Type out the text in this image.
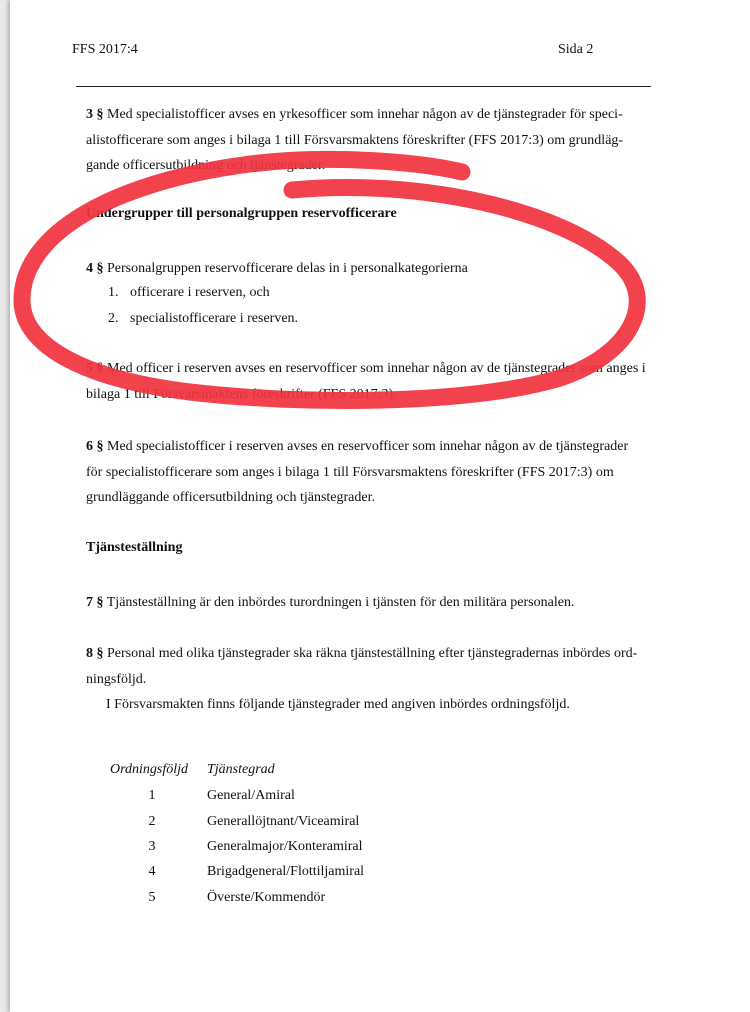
FFS 2017:4	Sida 2
3 § Med specialistofficer avses en yrkesofficer som innehar någon av de tjänstegrader för speci-
alistofficerare som anges i bilaga 1 till Försvarsmaktens föreskrifter (FFS 2017:3) om grundläg-
gande officersutbildning och tjänstegrader.
Undergrupper till personalgruppen reservofficerare
4 § Personalgruppen reservofficerare delas in i personalkategorierna
1. officerare i reserven, och
2. specialistofficerare i reserven.
5 § Med officer i reserven avses en reservofficer som innehar någon av de tjänstegrader som anges i
bilaga 1 till Försvarsmaktens föreskrifter (FFS 2017:3).
6 § Med specialistofficer i reserven avses en reservofficer som innehar någon av de tjänstegrader
för specialistofficerare som anges i bilaga 1 till Försvarsmaktens föreskrifter (FFS 2017:3) om
grundläggande officersutbildning och tjänstegrader.
Tjänsteställning
7 § Tjänsteställning är den inbördes turordningen i tjänsten för den militära personalen.
8 § Personal med olika tjänstegrader ska räkna tjänsteställning efter tjänstegradernas inbördes ord-
ningsföljd.
I Försvarsmakten finns följande tjänstegrader med angiven inbördes ordningsföljd.
Ordningsföljd Tjänstegrad
1	General/Amiral
2	Generallöjtnant/Viceamiral
3	Generalmajor/Konteramiral
4	Brigadgeneral/Flottiljamiral
5	Överste/Kommendör
